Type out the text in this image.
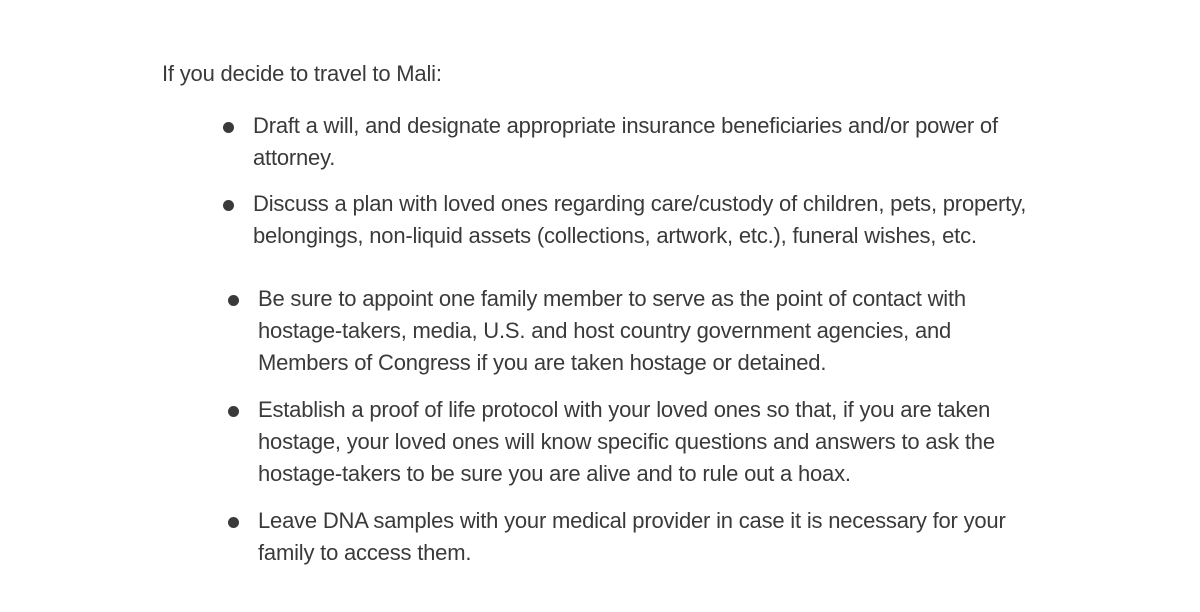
If you decide to travel to Mali:

Draft a will, and designate appropriate insurance beneficiaries and/or power of attorney.
Discuss a plan with loved ones regarding care/custody of children, pets, property, belongings, non-liquid assets (collections, artwork, etc.), funeral wishes, etc.
Be sure to appoint one family member to serve as the point of contact with hostage-takers, media, U.S. and host country government agencies, and Members of Congress if you are taken hostage or detained.
Establish a proof of life protocol with your loved ones so that, if you are taken hostage, your loved ones will know specific questions and answers to ask the hostage-takers to be sure you are alive and to rule out a hoax.
Leave DNA samples with your medical provider in case it is necessary for your family to access them.
